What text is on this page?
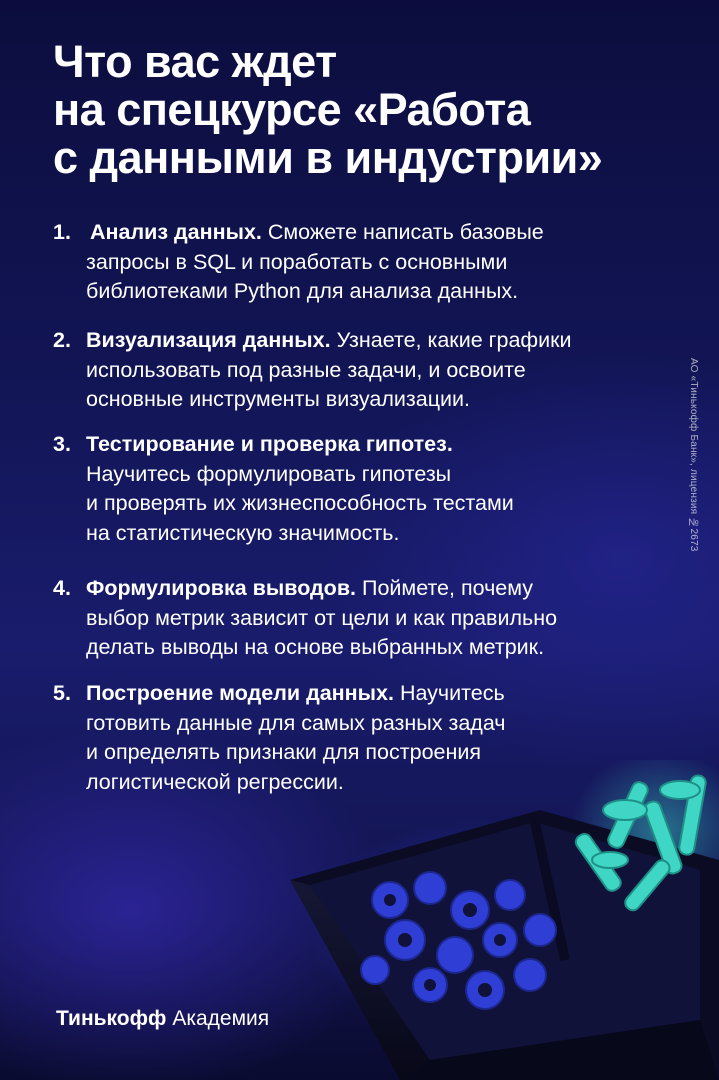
Что вас ждет
на спецкурсе «Работа
с данными в индустрии»
1. Анализ данных. Сможете написать базовые
запросы в SQL и поработать с основными
библиотеками Python для анализа данных.
2. Визуализация данных. Узнаете, какие графики
использовать под разные задачи, и освоите
основные инструменты визуализации.
3. Тестирование и проверка гипотез.
Научитесь формулировать гипотезы
и проверять их жизнеспособность тестами
на статистическую значимость.
4. Формулировка выводов. Поймете, почему
выбор метрик зависит от цели и как правильно
делать выводы на основе выбранных метрик.
5. Построение модели данных. Научитесь
готовить данные для самых разных задач
и определять признаки для построения
логистической регрессии.
АО «Тинькофф Банк», лицензия №2673
Тинькофф Академия
